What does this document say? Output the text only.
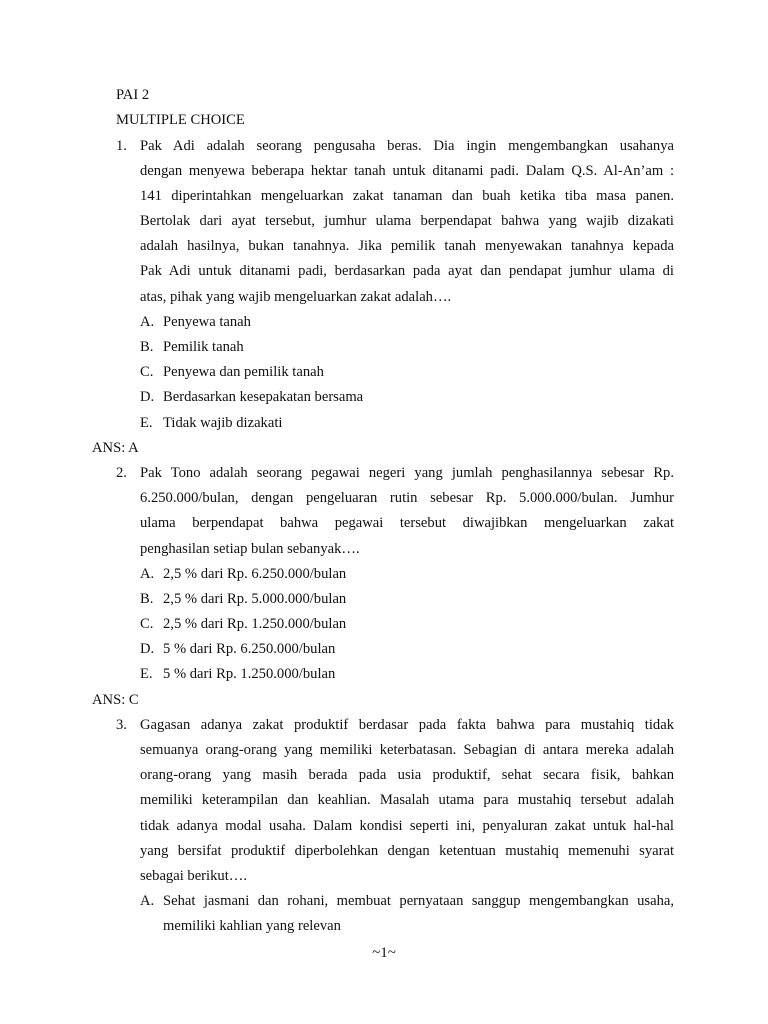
PAI 2
MULTIPLE CHOICE
1. Pak Adi adalah seorang pengusaha beras. Dia ingin mengembangkan usahanya
dengan menyewa beberapa hektar tanah untuk ditanami padi. Dalam Q.S. Al-An’am :
141 diperintahkan mengeluarkan zakat tanaman dan buah ketika tiba masa panen.
Bertolak dari ayat tersebut, jumhur ulama berpendapat bahwa yang wajib dizakati
adalah hasilnya, bukan tanahnya. Jika pemilik tanah menyewakan tanahnya kepada
Pak Adi untuk ditanami padi, berdasarkan pada ayat dan pendapat jumhur ulama di
atas, pihak yang wajib mengeluarkan zakat adalah….
A. Penyewa tanah
B. Pemilik tanah
C. Penyewa dan pemilik tanah
D. Berdasarkan kesepakatan bersama
E. Tidak wajib dizakati
ANS: A
2. Pak Tono adalah seorang pegawai negeri yang jumlah penghasilannya sebesar Rp.
6.250.000/bulan, dengan pengeluaran rutin sebesar Rp. 5.000.000/bulan. Jumhur
ulama berpendapat bahwa pegawai tersebut diwajibkan mengeluarkan zakat
penghasilan setiap bulan sebanyak….
A. 2,5 % dari Rp. 6.250.000/bulan
B. 2,5 % dari Rp. 5.000.000/bulan
C. 2,5 % dari Rp. 1.250.000/bulan
D. 5 % dari Rp. 6.250.000/bulan
E. 5 % dari Rp. 1.250.000/bulan
ANS: C
3. Gagasan adanya zakat produktif berdasar pada fakta bahwa para mustahiq tidak
semuanya orang-orang yang memiliki keterbatasan. Sebagian di antara mereka adalah
orang-orang yang masih berada pada usia produktif, sehat secara fisik, bahkan
memiliki keterampilan dan keahlian. Masalah utama para mustahiq tersebut adalah
tidak adanya modal usaha. Dalam kondisi seperti ini, penyaluran zakat untuk hal-hal
yang bersifat produktif diperbolehkan dengan ketentuan mustahiq memenuhi syarat
sebagai berikut….
A. Sehat jasmani dan rohani, membuat pernyataan sanggup mengembangkan usaha,
memiliki kahlian yang relevan
~1~
